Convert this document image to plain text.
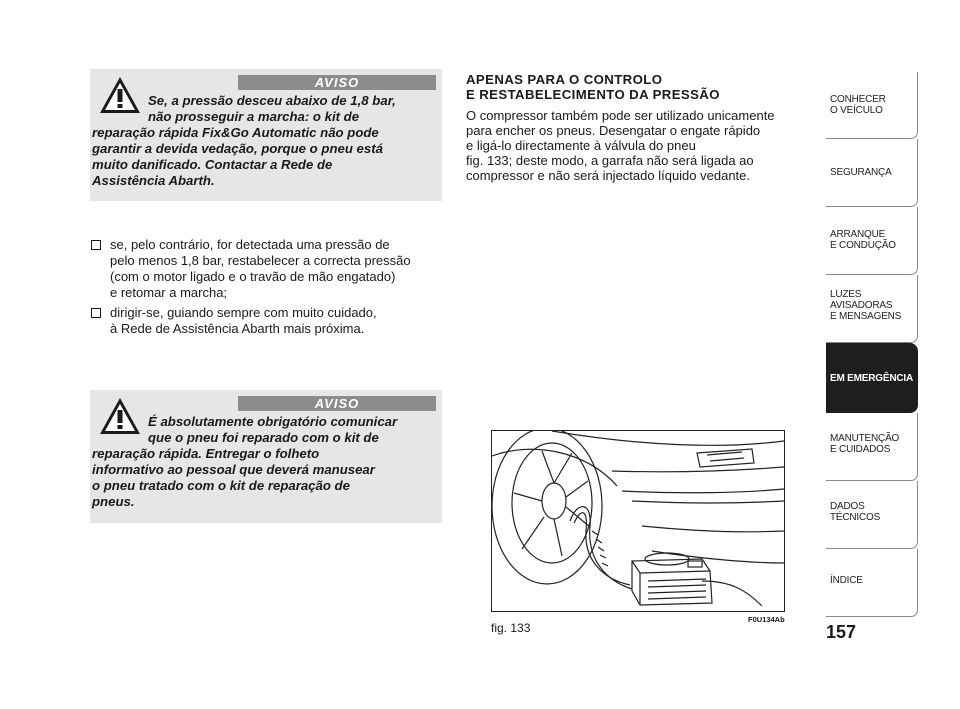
AVISO
Se, a pressão desceu abaixo de 1,8 bar,
não prosseguir a marcha: o kit de
reparação rápida Fix&Go Automatic não pode
garantir a devida vedação, porque o pneu está
muito danificado. Contactar a Rede de
Assistência Abarth.
se, pelo contrário, for detectada uma pressão de
pelo menos 1,8 bar, restabelecer a correcta pressão
(com o motor ligado e o travão de mão engatado)
e retomar a marcha;
dirigir-se, guiando sempre com muito cuidado,
à Rede de Assistência Abarth mais próxima.
AVISO
É absolutamente obrigatório comunicar
que o pneu foi reparado com o kit de
reparação rápida. Entregar o folheto
informativo ao pessoal que deverá manusear
o pneu tratado com o kit de reparação de
pneus.
APENAS PARA O CONTROLO
E RESTABELECIMENTO DA PRESSÃO
O compressor também pode ser utilizado unicamente
para encher os pneus. Desengatar o engate rápido
e ligá-lo directamente à válvula do pneu
fig. 133; deste modo, a garrafa não será ligada ao
compressor e não será injectado líquido vedante.
fig. 133
F0U134Ab
CONHECER
O VEÍCULO
SEGURANÇA
ARRANQUE
E CONDUÇÃO
LUZES
AVISADORAS
E MENSAGENS
EM EMERGÊNCIA
MANUTENÇÃO
E CUIDADOS
DADOS
TÉCNICOS
ÍNDICE
157
